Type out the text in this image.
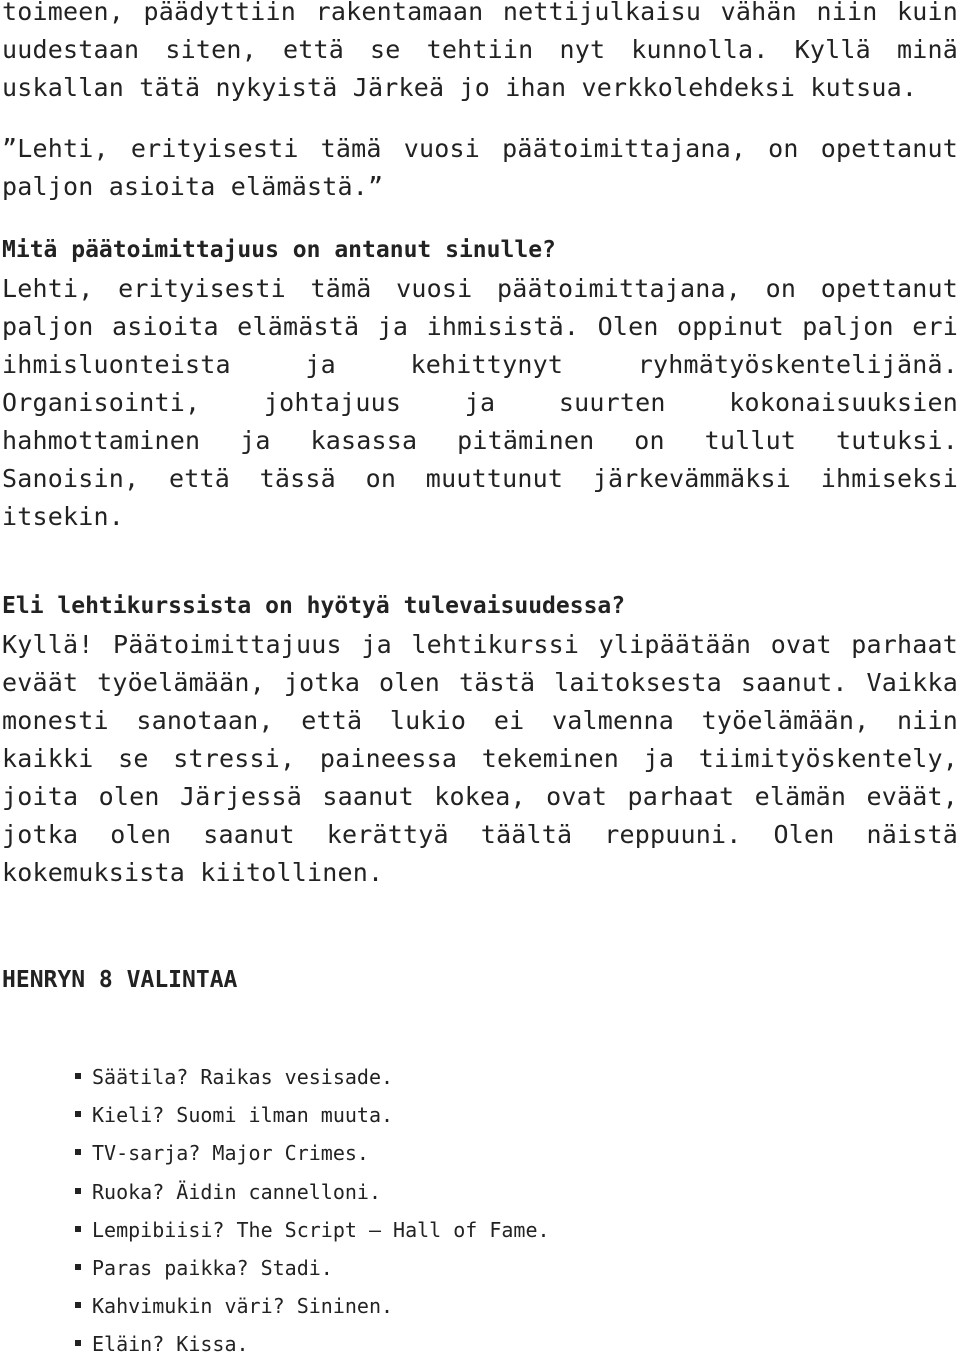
toimeen, päädyttiin rakentamaan nettijulkaisu vähän niin kuin uudestaan siten, että se tehtiin nyt kunnolla. Kyllä minä uskallan tätä nykyistä Järkeä jo ihan verkkolehdeksi kutsua.

”Lehti, erityisesti tämä vuosi päätoimittajana, on opettanut paljon asioita elämästä.”

Mitä päätoimittajuus on antanut sinulle?

Lehti, erityisesti tämä vuosi päätoimittajana, on opettanut paljon asioita elämästä ja ihmisistä. Olen oppinut paljon eri ihmisluonteista ja kehittynyt ryhmätyöskentelijänä. Organisointi, johtajuus ja suurten kokonaisuuksien hahmottaminen ja kasassa pitäminen on tullut tutuksi. Sanoisin, että tässä on muuttunut järkevämmäksi ihmiseksi itsekin.

Eli lehtikurssista on hyötyä tulevaisuudessa?

Kyllä! Päätoimittajuus ja lehtikurssi ylipäätään ovat parhaat eväät työelämään, jotka olen tästä laitoksesta saanut. Vaikka monesti sanotaan, että lukio ei valmenna työelämään, niin kaikki se stressi, paineessa tekeminen ja tiimityöskentely, joita olen Järjessä saanut kokea, ovat parhaat elämän eväät, jotka olen saanut kerättyä täältä reppuuni. Olen näistä kokemuksista kiitollinen.

HENRYN 8 VALINTAA
Säätila? Raikas vesisade.
Kieli? Suomi ilman muuta.
TV-sarja? Major Crimes.
Ruoka? Äidin cannelloni.
Lempibiisi? The Script – Hall of Fame.
Paras paikka? Stadi.
Kahvimukin väri? Sininen.
Eläin? Kissa.
